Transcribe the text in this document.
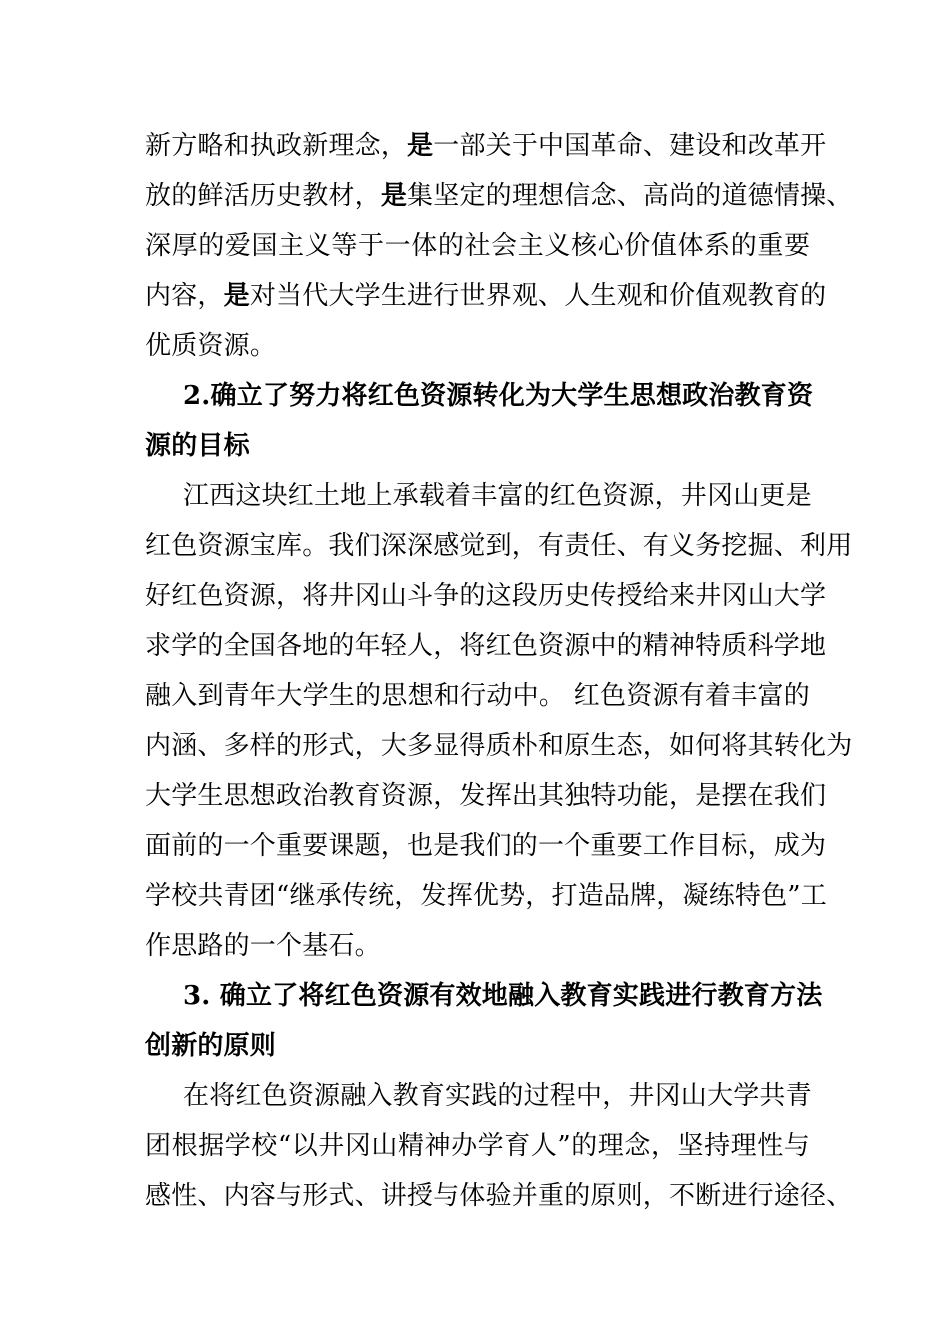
新方略和执政新理念，是一部关于中国革命、建设和改革开
放的鲜活历史教材，是集坚定的理想信念、高尚的道德情操、
深厚的爱国主义等于一体的社会主义核心价值体系的重要
内容，是对当代大学生进行世界观、人生观和价值观教育的
优质资源。
2.确立了努力将红色资源转化为大学生思想政治教育资
源的目标
江西这块红土地上承载着丰富的红色资源，井冈山更是
红色资源宝库。我们深深感觉到，有责任、有义务挖掘、利用
好红色资源，将井冈山斗争的这段历史传授给来井冈山大学
求学的全国各地的年轻人，将红色资源中的精神特质科学地
融入到青年大学生的思想和行动中。 红色资源有着丰富的
内涵、多样的形式，大多显得质朴和原生态，如何将其转化为
大学生思想政治教育资源，发挥出其独特功能，是摆在我们
面前的一个重要课题，也是我们的一个重要工作目标，成为
学校共青团“继承传统，发挥优势，打造品牌，凝练特色”工
作思路的一个基石。
3. 确立了将红色资源有效地融入教育实践进行教育方法
创新的原则
在将红色资源融入教育实践的过程中，井冈山大学共青
团根据学校“以井冈山精神办学育人”的理念，坚持理性与
感性、内容与形式、讲授与体验并重的原则，不断进行途径、
